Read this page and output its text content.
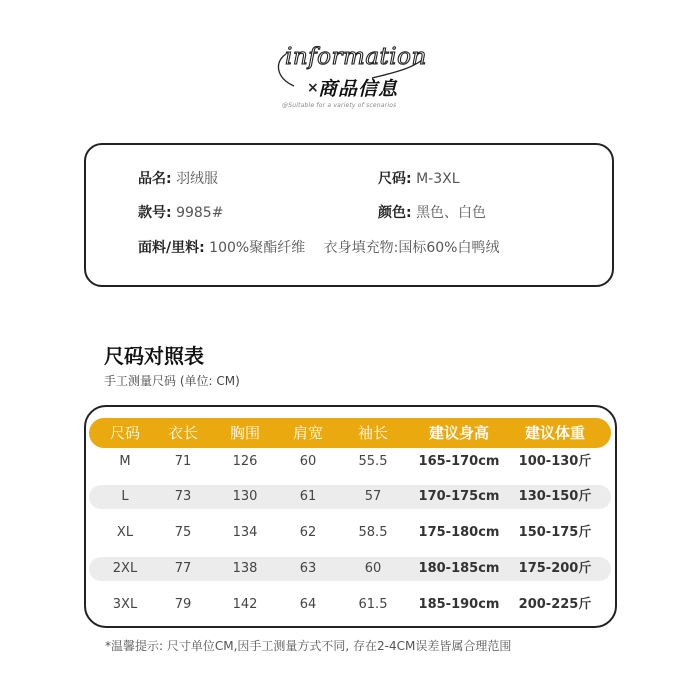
information
× 商品信息
@Suitable for a variety of scenarios
品名: 羽绒服	尺码: M-3XL
款号: 9985#	颜色: 黑色、白色
面料/里料: 100%聚酯纤维 衣身填充物:国标60%白鸭绒
尺码对照表
手工测量尺码 (单位: CM)
尺码	衣长	胸围	肩宽	袖长	建议身高	建议体重
M	71	126	60	55.5	165-170cm	100-130斤
L	73	130	61	57	170-175cm	130-150斤
XL	75	134	62	58.5	175-180cm	150-175斤
2XL	77	138	63	60	180-185cm	175-200斤
3XL	79	142	64	61.5	185-190cm	200-225斤
*温馨提示: 尺寸单位CM,因手工测量方式不同, 存在2-4CM误差皆属合理范围
